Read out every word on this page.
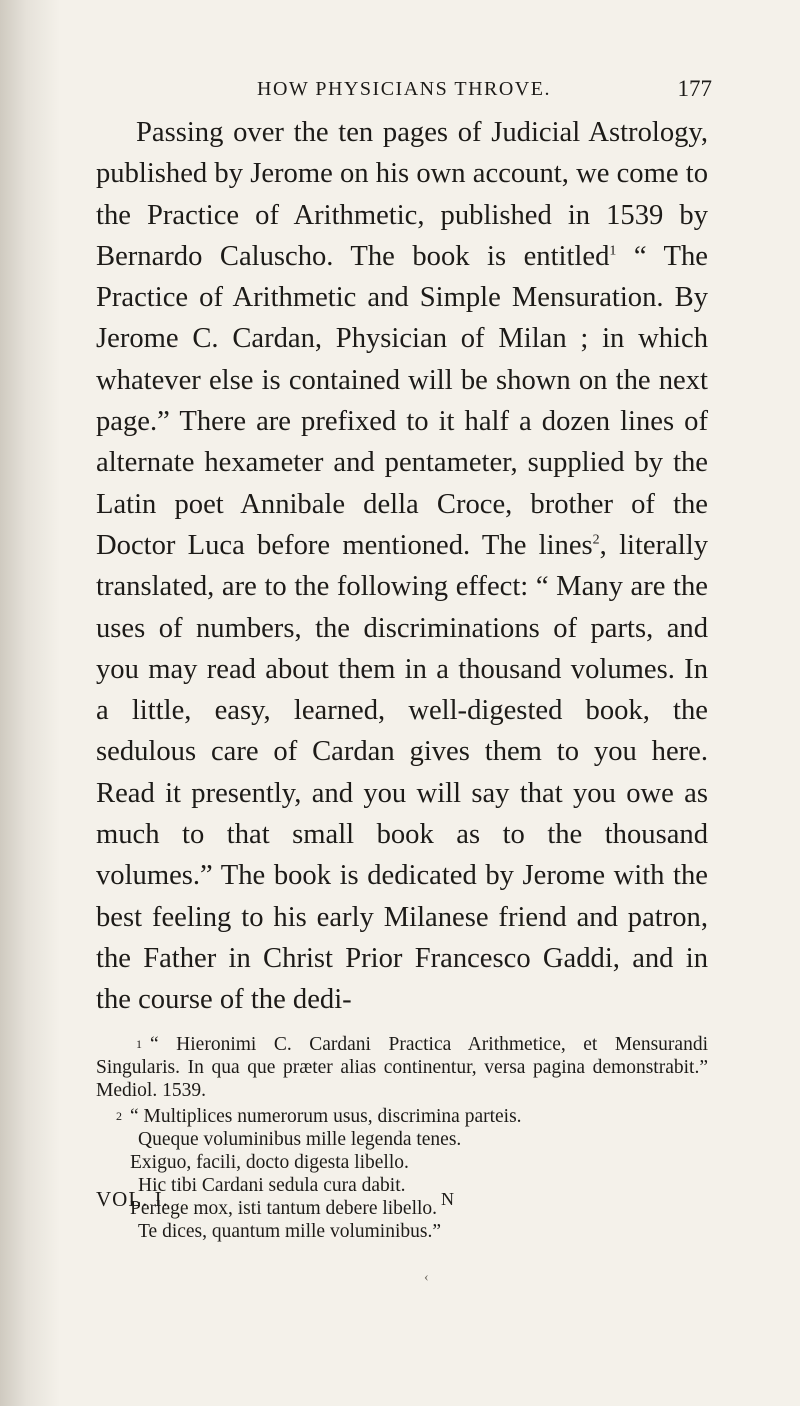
HOW PHYSICIANS THROVE.	177

Passing over the ten pages of Judicial Astrology, published by Jerome on his own account, we come to the Practice of Arithmetic, published in 1539 by Bernardo Caluscho. The book is entitled$^1$ “ The Practice of Arithmetic and Simple Mensuration. By Jerome C. Cardan, Physician of Milan ; in which whatever else is contained will be shown on the next page.” There are prefixed to it half a dozen lines of alternate hexameter and pentameter, supplied by the Latin poet Annibale della Croce, brother of the Doctor Luca before mentioned. The lines$^2$, literally translated, are to the following effect: “ Many are the uses of numbers, the discriminations of parts, and you may read about them in a thousand volumes. In a little, easy, learned, well-digested book, the sedulous care of Cardan gives them to you here. Read it presently, and you will say that you owe as much to that small book as to the thousand volumes.” The book is dedicated by Jerome with the best feeling to his early Milanese friend and patron, the Father in Christ Prior Francesco Gaddi, and in the course of the dedi-

1 “ Hieronimi C. Cardani Practica Arithmetice, et Mensurandi Singularis. In qua que præter alias continentur, versa pagina demonstrabit.” Mediol. 1539.

2 “ Multiplices numerorum usus, discrimina parteis.
Queque voluminibus mille legenda tenes.
Exiguo, facili, docto digesta libello.
Hic tibi Cardani sedula cura dabit.
Perlege mox, isti tantum debere libello.
Te dices, quantum mille voluminibus.”
VOL. I.	N
‹
